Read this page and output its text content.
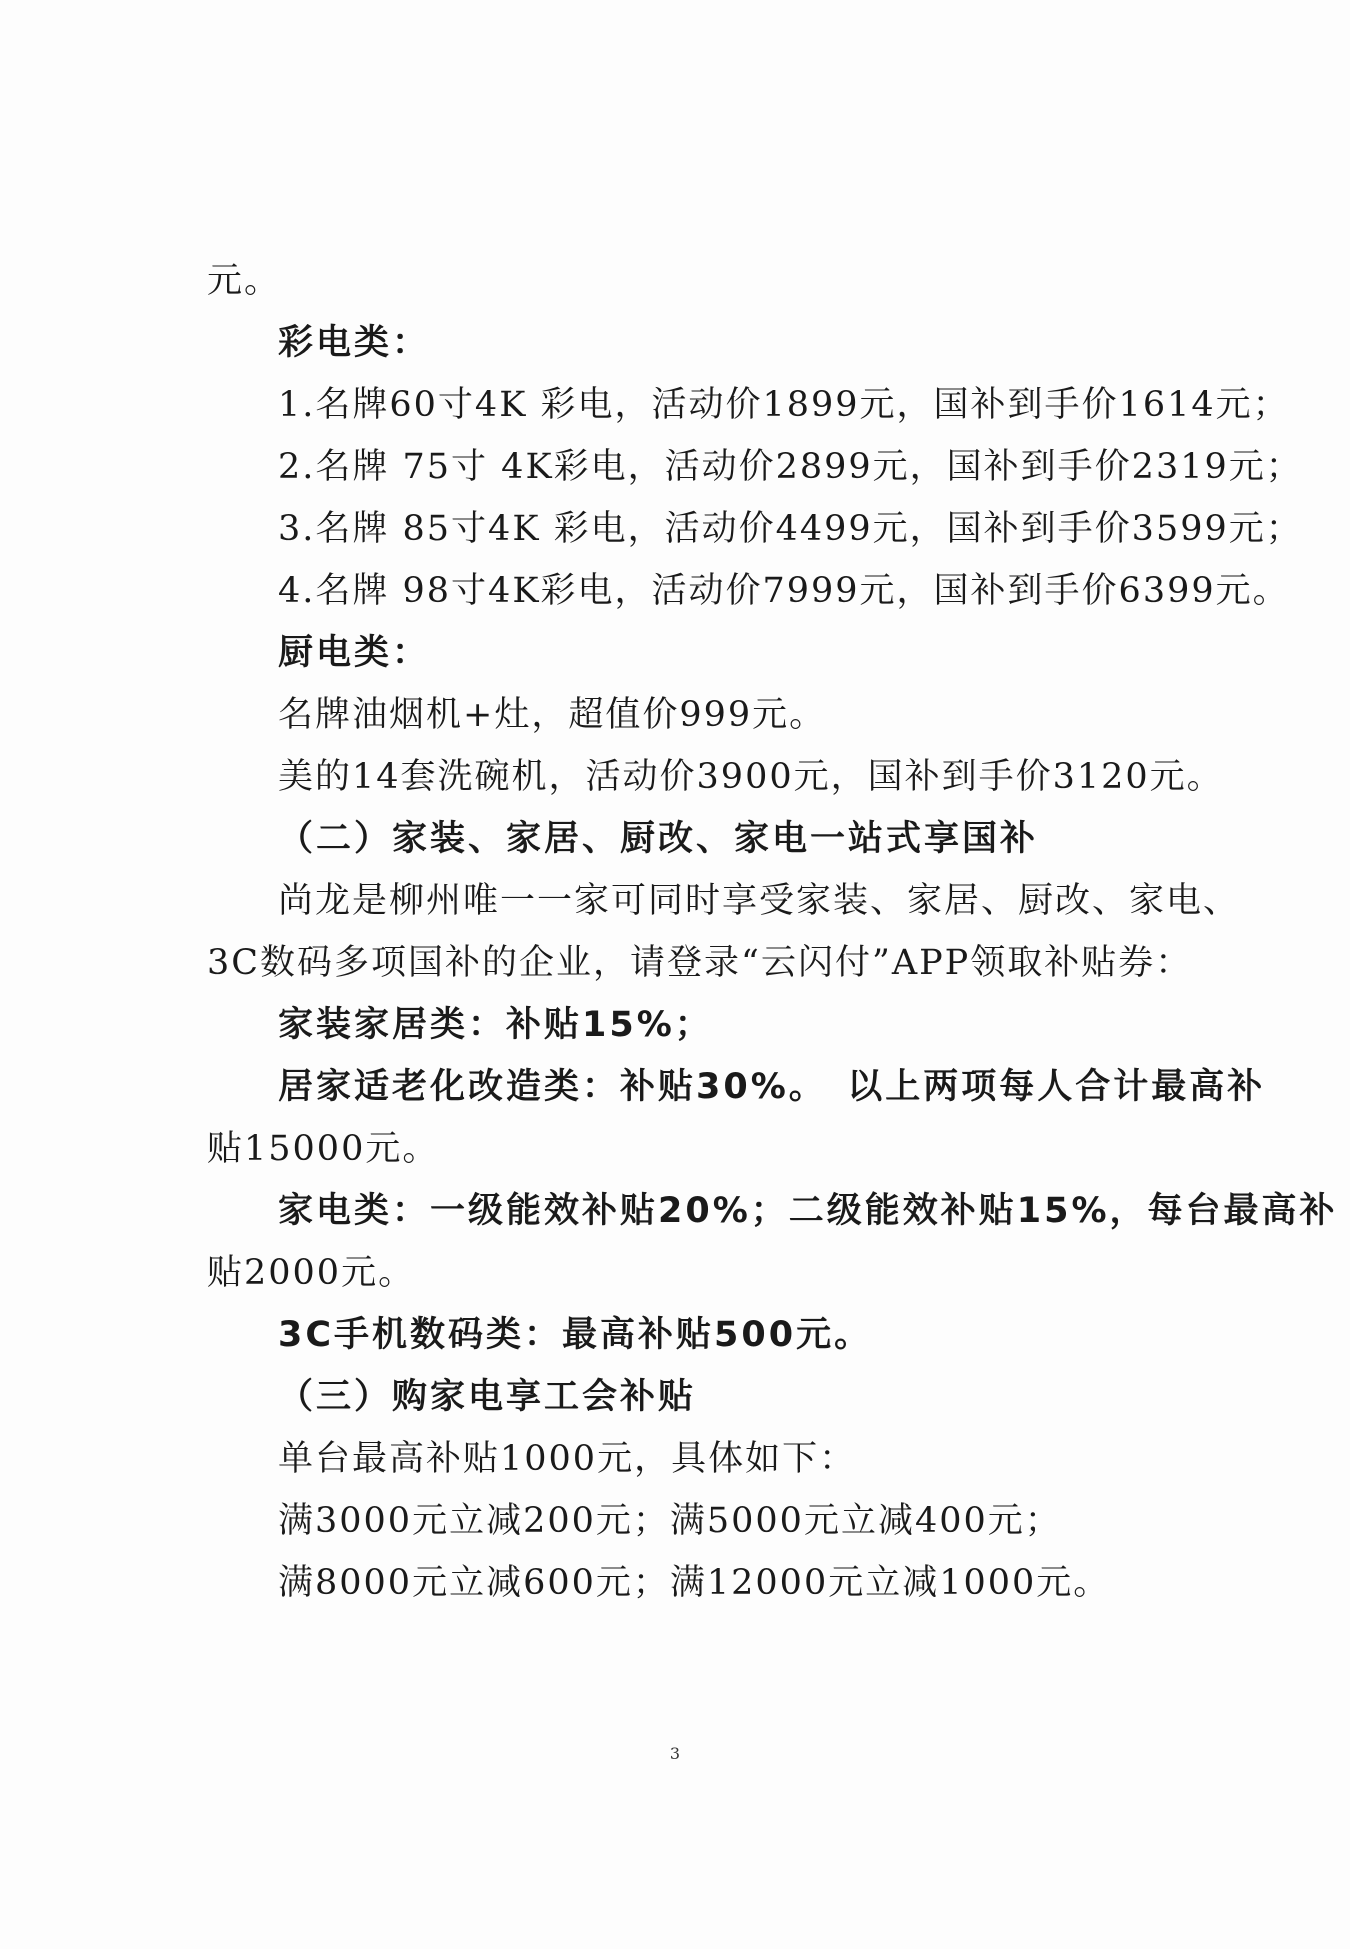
元。
彩电类：
1.名牌60寸4K 彩电，活动价1899元，国补到手价1614元；
2.名牌 75寸 4K彩电，活动价2899元，国补到手价2319元；
3.名牌 85寸4K 彩电，活动价4499元，国补到手价3599元；
4.名牌 98寸4K彩电，活动价7999元，国补到手价6399元。
厨电类：
名牌油烟机+灶，超值价999元。
美的14套洗碗机，活动价3900元，国补到手价3120元。
（二）家装、家居、厨改、家电一站式享国补
尚龙是柳州唯一一家可同时享受家装、家居、厨改、家电、
3C数码多项国补的企业，请登录“云闪付”APP领取补贴券：
家装家居类：补贴15%；
居家适老化改造类：补贴30%。　以上两项每人合计最高补
贴15000元。
家电类：一级能效补贴20%；二级能效补贴15%，每台最高补
贴2000元。
3C手机数码类：最高补贴500元。
（三）购家电享工会补贴
单台最高补贴1000元，具体如下：
满3000元立减200元；满5000元立减400元；
满8000元立减600元；满12000元立减1000元。
3
